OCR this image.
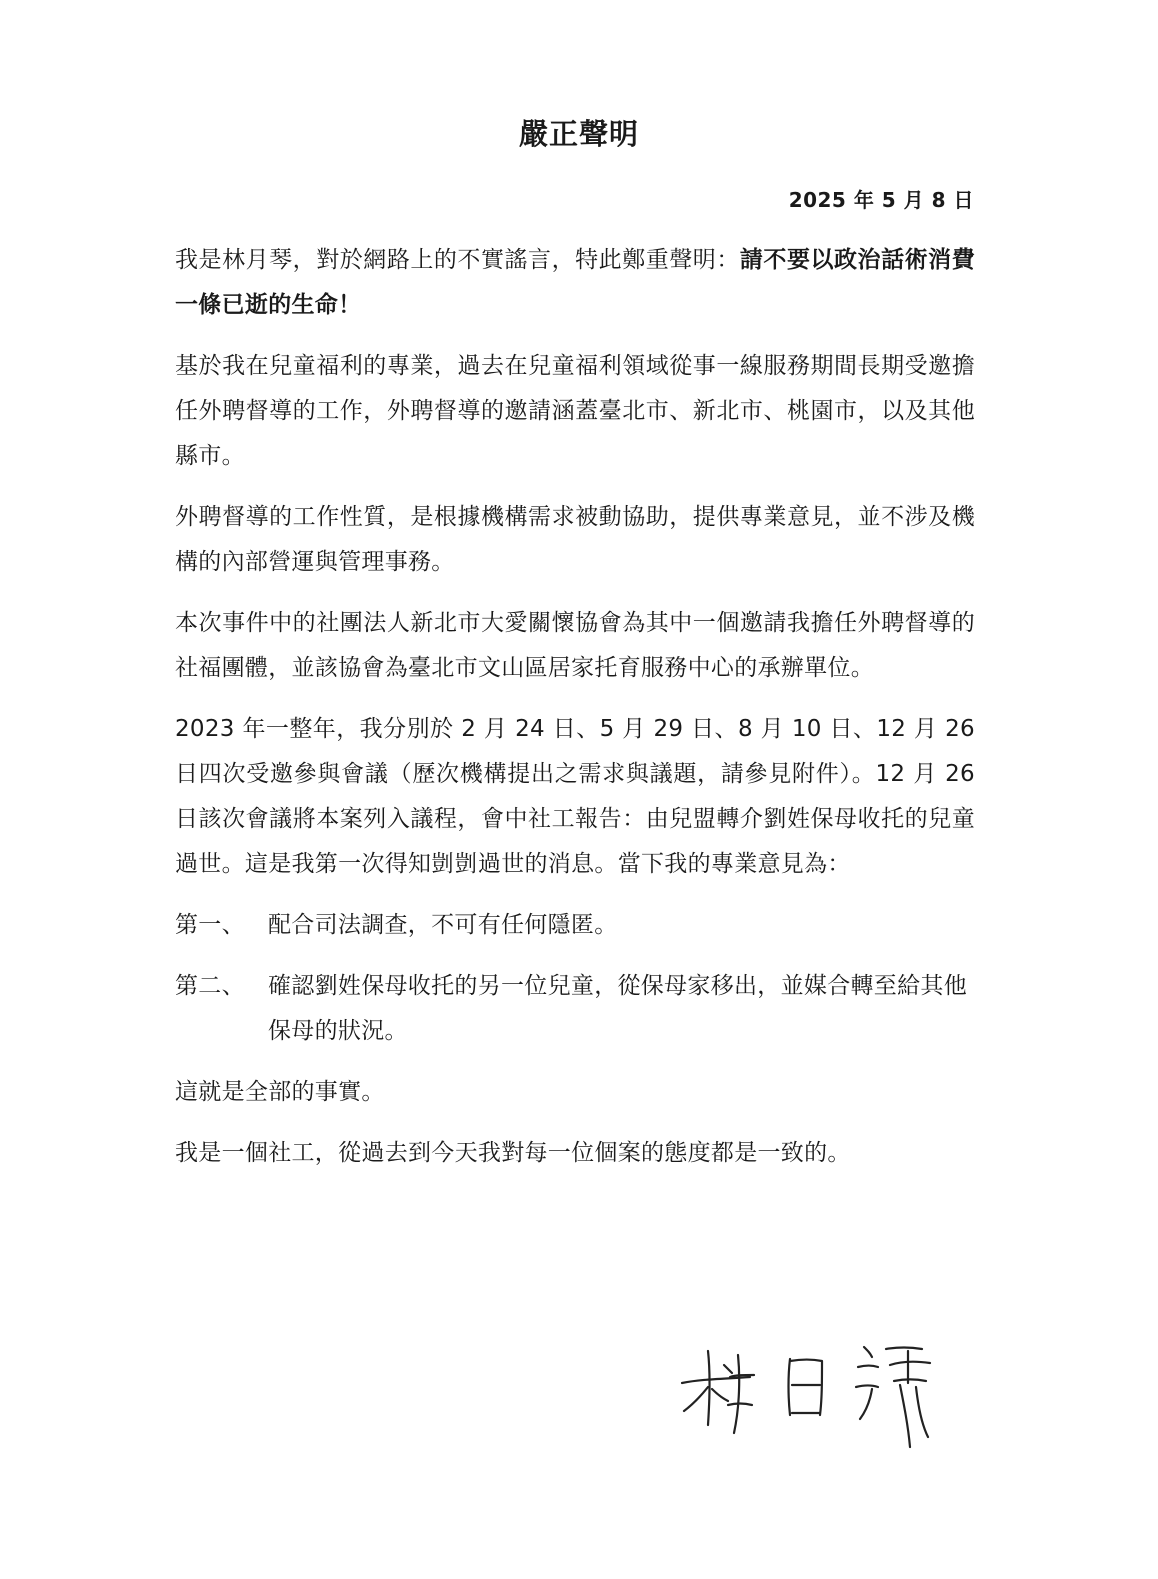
嚴正聲明

2025 年 5 月 8 日

我是林月琴，對於網路上的不實謠言，特此鄭重聲明：請不要以政治話術消費一條已逝的生命！

基於我在兒童福利的專業，過去在兒童福利領域從事一線服務期間長期受邀擔任外聘督導的工作，外聘督導的邀請涵蓋臺北市、新北市、桃園市，以及其他縣市。

外聘督導的工作性質，是根據機構需求被動協助，提供專業意見，並不涉及機構的內部營運與管理事務。

本次事件中的社團法人新北市大愛關懷協會為其中一個邀請我擔任外聘督導的社福團體，並該協會為臺北市文山區居家托育服務中心的承辦單位。

2023 年一整年，我分別於 2 月 24 日、5 月 29 日、8 月 10 日、12 月 26 日四次受邀參與會議（歷次機構提出之需求與議題，請參見附件）。12 月 26 日該次會議將本案列入議程，會中社工報告：由兒盟轉介劉姓保母收托的兒童過世。這是我第一次得知剴剴過世的消息。當下我的專業意見為：

第一、	配合司法調查，不可有任何隱匿。
第二、	確認劉姓保母收托的另一位兒童，從保母家移出，並媒合轉至給其他保母的狀況。

這就是全部的事實。

我是一個社工，從過去到今天我對每一位個案的態度都是一致的。
